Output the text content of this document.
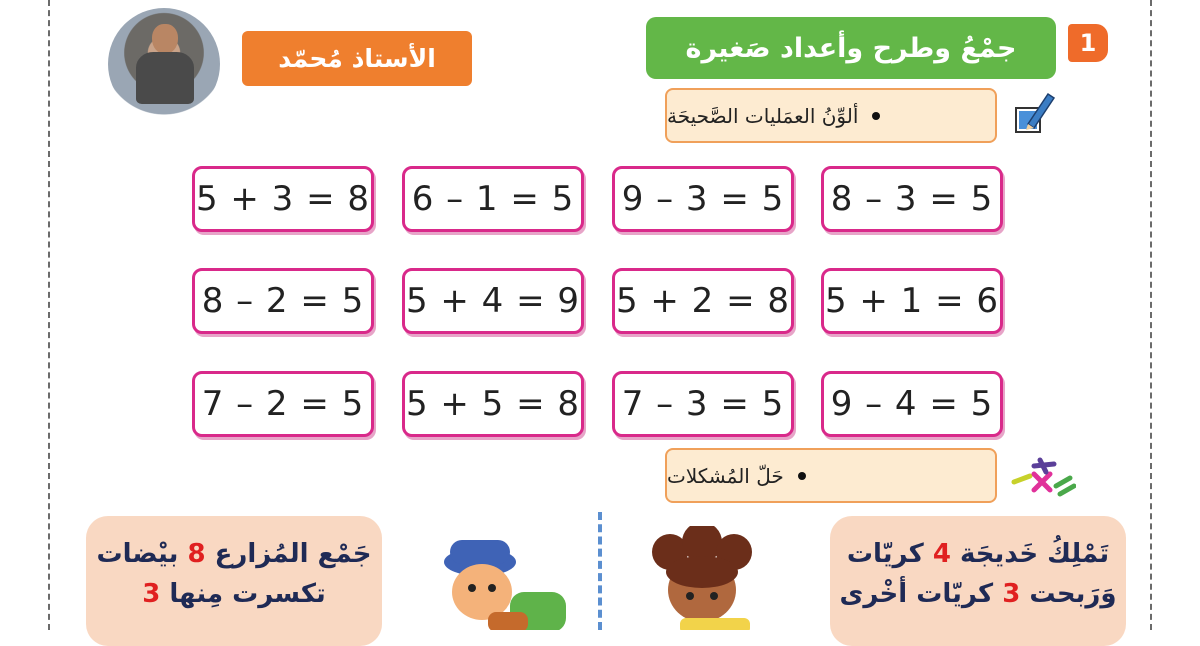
الأستاذ مُحمّد	جمْعُ وطرح وأعداد صَغيرة	1
ألوِّنُ العمَليات الصَّحيحَة
5 + 3 = 8 6 – 1 = 5 9 – 3 = 5 8 – 3 = 5
8 – 2 = 5 5 + 4 = 9 5 + 2 = 8 5 + 1 = 6
7 – 2 = 5 5 + 5 = 8 7 – 3 = 5 9 – 4 = 5
حَلّ المُشكلات
جَمْع المُزارع 8 بيْضات
تكسرت مِنها 3
تَمْلِكُ خَديجَة 4 كريّات
وَرَبحت 3 كريّات أخْرى
